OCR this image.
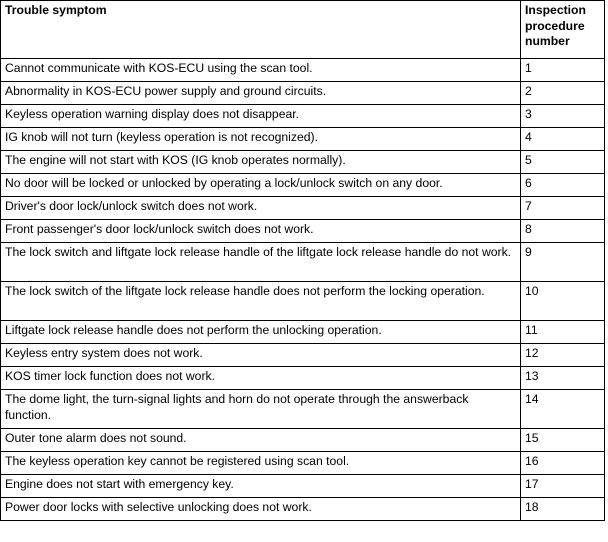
Trouble symptom	Inspection procedure number
Cannot communicate with KOS-ECU using the scan tool.	1
Abnormality in KOS-ECU power supply and ground circuits.	2
Keyless operation warning display does not disappear.	3
IG knob will not turn (keyless operation is not recognized).	4
The engine will not start with KOS (IG knob operates normally).	5
No door will be locked or unlocked by operating a lock/unlock switch on any door.	6
Driver's door lock/unlock switch does not work.	7
Front passenger's door lock/unlock switch does not work.	8
The lock switch and liftgate lock release handle of the liftgate lock release handle do not work.	9
The lock switch of the liftgate lock release handle does not perform the locking operation.	10
Liftgate lock release handle does not perform the unlocking operation.	11
Keyless entry system does not work.	12
KOS timer lock function does not work.	13
The dome light, the turn-signal lights and horn do not operate through the answerback function.	14
Outer tone alarm does not sound.	15
The keyless operation key cannot be registered using scan tool.	16
Engine does not start with emergency key.	17
Power door locks with selective unlocking does not work.	18
